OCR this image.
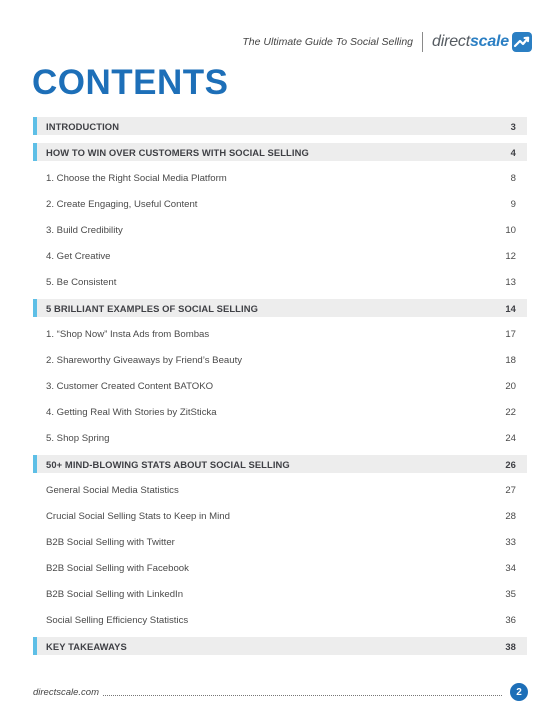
The Ultimate Guide To Social Selling	directscale
CONTENTS
INTRODUCTION	3
HOW TO WIN OVER CUSTOMERS WITH SOCIAL SELLING	4
1. Choose the Right Social Media Platform	8
2. Create Engaging, Useful Content	9
3. Build Credibility	10
4. Get Creative	12
5. Be Consistent	13
5 BRILLIANT EXAMPLES OF SOCIAL SELLING	14
1. “Shop Now” Insta Ads from Bombas	17
2. Shareworthy Giveaways by Friend’s Beauty	18
3. Customer Created Content BATOKO	20
4. Getting Real With Stories by ZitSticka	22
5. Shop Spring	24
50+ MIND-BLOWING STATS ABOUT SOCIAL SELLING	26
General Social Media Statistics	27
Crucial Social Selling Stats to Keep in Mind	28
B2B Social Selling with Twitter	33
B2B Social Selling with Facebook	34
B2B Social Selling with LinkedIn	35
Social Selling Efficiency Statistics	36
KEY TAKEAWAYS	38
directscale.com	2
